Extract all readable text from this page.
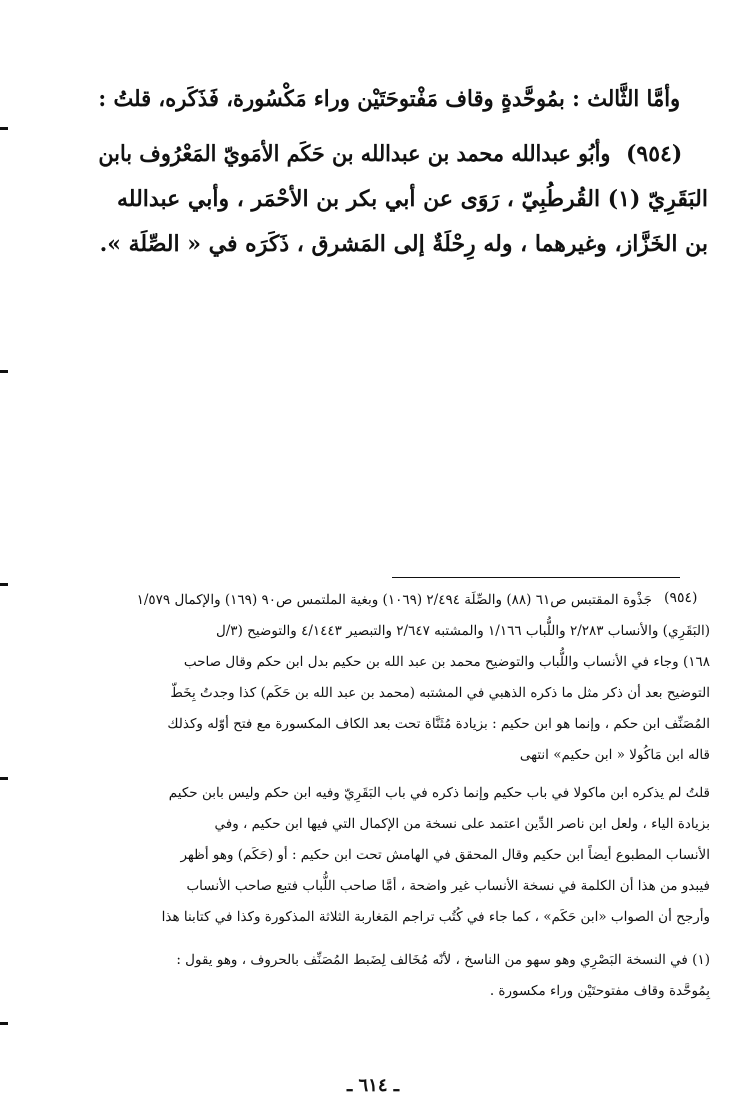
وأمَّا الثَّالث : بمُوحَّدةٍ وقاف مَفْتوحَتَيْن وراء مَكْسُورة، فَذَكَره، قلتُ :
وأبُو عبدالله محمد بن عبدالله بن حَكَم الأمَويّ المَعْرُوف بابن
البَقَرِيّ (١) القُرطُبِيّ ، رَوَى عن أبي بكر بن الأحْمَر ، وأبي عبدالله
بن الخَزَّاز، وغيرهما ، وله رِحْلَةٌ إلى المَشرق ، ذَكَرَه في « الصِّلَة ».
(٩٥٤)
(٩٥٤)
جَذْوة المقتبس ص٦١ (٨٨) والصِّلَة ٢/٤٩٤ (١٠٦٩) وبغية الملتمس ص٩٠ (١٦٩) والإكمال ١/٥٧٩
(البَقَرِي) والأنساب ٢/٢٨٣ واللُّباب ١/١٦٦ والمشتبه ٢/٦٤٧ والتبصير ٤/١٤٤٣ والتوضيح (٣/ل
١٦٨) وجاء في الأنساب واللُّباب والتوضيح محمد بن عبد الله بن حكيم بدل ابن حكم وقال صاحب
التوضيح بعد أن ذكر مثل ما ذكره الذهبي في المشتبه (محمد بن عبد الله بن حَكَم) كذا وجدتُ بِخَطّ
المُصَنِّف ابن حكم ، وإنما هو ابن حكيم : بزيادة مُثَنَّاة تحت بعد الكاف المكسورة مع فتح أوّله وكذلك
قاله ابن مَاكُولا « ابن حكيم» انتهى
قلتُ لم يذكره ابن ماكولا في باب حكيم وإنما ذكره في باب البَقَرِيّ وفيه ابن حكم وليس بابن حكيم
بزيادة الياء ، ولعل ابن ناصر الدِّين اعتمد على نسخة من الإكمال التي فيها ابن حكيم ، وفي
الأنساب المطبوع أيضاً ابن حكيم وقال المحقق في الهامش تحت ابن حكيم : أو (حَكَم) وهو أظهر
فيبدو من هذا أن الكلمة في نسخة الأنساب غير واضحة ، أمَّا صاحب اللُّباب فتبع صاحب الأنساب
وأرجح أن الصواب «ابن حَكَم» ، كما جاء في كُتُب تراجم المَغاربة الثلاثة المذكورة وكذا في كتابنا هذا
(١) في النسخة البَصْرِي وهو سهو من الناسخ ، لأنّه مُخَالف لِضَبط المُصَنِّف بالحروف ، وهو يقول :
بِمُوحَّدة وقاف مفتوحتَيْن وراء مكسورة .
ـ ٦١٤ ـ
